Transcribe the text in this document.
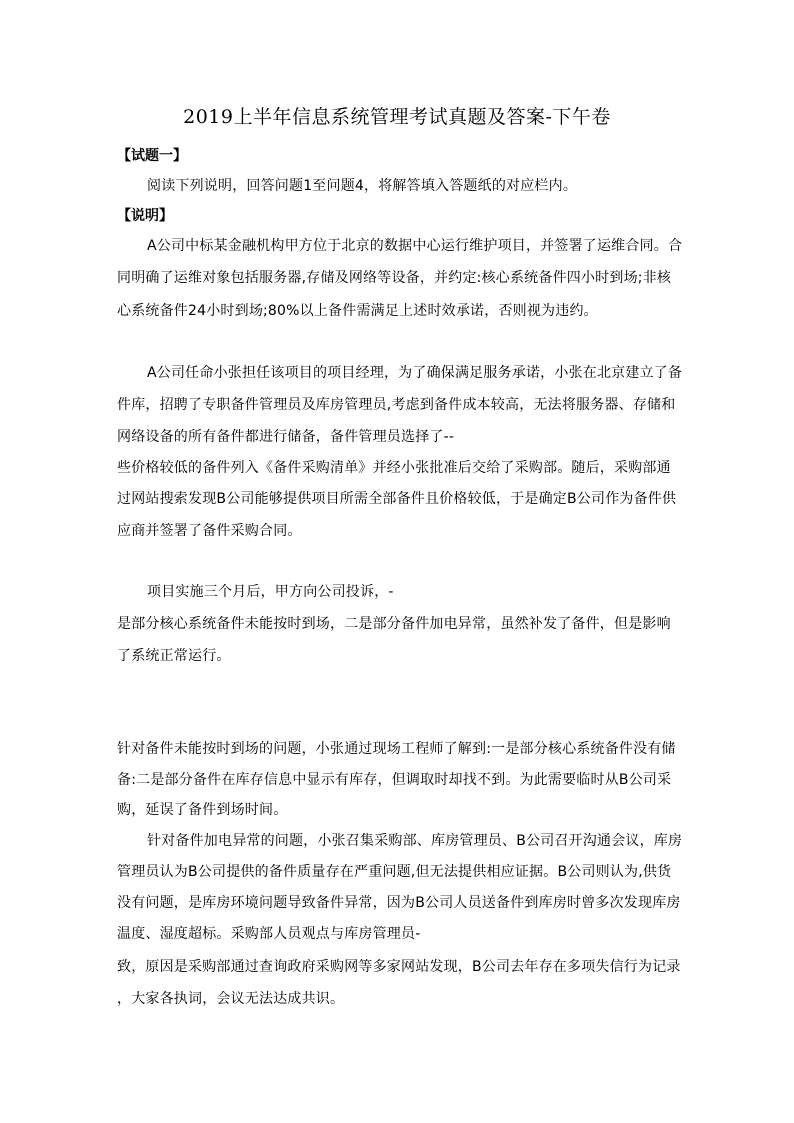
2019上半年信息系统管理考试真题及答案-下午卷
【试题一】
阅读下列说明，回答问题1至问题4，将解答填入答题纸的对应栏内。
【说明】
A公司中标某金融机构甲方位于北京的数据中心运行维护项目，并签署了运维合同。合
同明确了运维对象包括服务器,存储及网络等设备，并约定:核心系统备件四小时到场;非核
心系统备件24小时到场;80%以上备件需满足上述时效承诺，否则视为违约。
A公司任命小张担任该项目的项目经理，为了确保满足服务承诺，小张在北京建立了备
件库，招聘了专职备件管理员及库房管理员,考虑到备件成本较高，无法将服务器、存储和
网络设备的所有备件都进行储备，备件管理员选择了--
些价格较低的备件列入《备件采购清单》并经小张批准后交给了采购部。随后，采购部通
过网站搜索发现B公司能够提供项目所需全部备件且价格较低，于是确定B公司作为备件供
应商并签署了备件采购合同。
项目实施三个月后，甲方向公司投诉，-
是部分核心系统备件未能按时到场，二是部分备件加电异常，虽然补发了备件，但是影响
了系统正常运行。
针对备件未能按时到场的问题，小张通过现场工程师了解到:一是部分核心系统备件没有储
备:二是部分备件在库存信息中显示有库存，但调取时却找不到。为此需要临时从B公司采
购，延误了备件到场时间。
针对备件加电异常的问题，小张召集采购部、库房管理员、B公司召开沟通会议，库房
管理员认为B公司提供的备件质量存在严重问题,但无法提供相应证据。B公司则认为,供货
没有问题，是库房环境问题导致备件异常，因为B公司人员送备件到库房时曾多次发现库房
温度、湿度超标。采购部人员观点与库房管理员-
致，原因是采购部通过查询政府采购网等多家网站发现，B公司去年存在多项失信行为记录
，大家各执词，会议无法达成共识。
